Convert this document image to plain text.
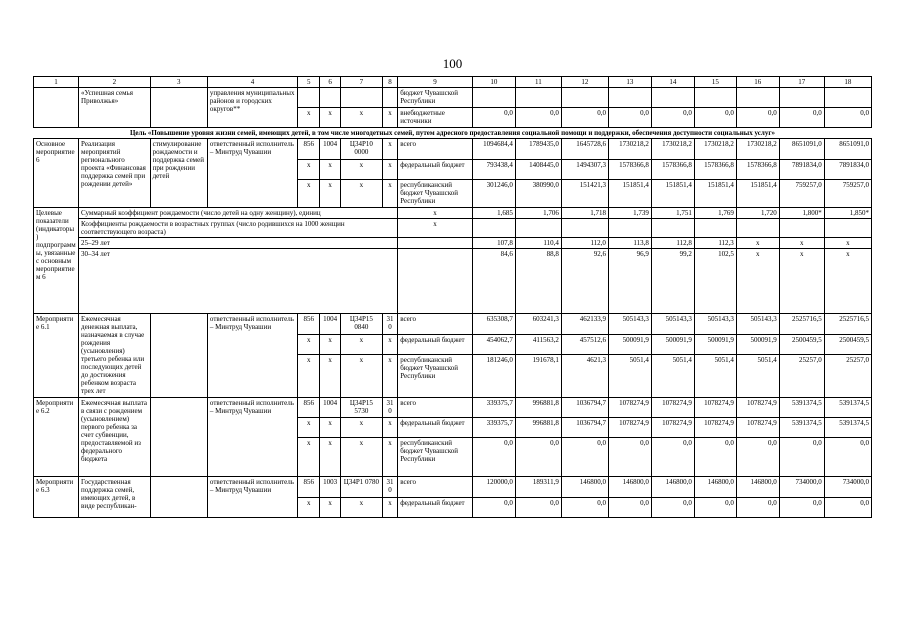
100
1	2	3	4	5	6	7	8	9	10	11	12	13	14	15	16	17	18
	«Успешная семья Приволжья»		управления муниципальных районов и городских округов**					бюджет Чувашской Республики									
				x	x	x	x	внебюджетные источники	0,0	0,0	0,0	0,0	0,0	0,0	0,0	0,0	0,0
Цель «Повышение уровня жизни семей, имеющих детей, в том числе многодетных семей, путем адресного предоставления социальной помощи и поддержки, обеспечения доступности социальных услуг»																	
Основное мероприятие 6	Реализация мероприятий регионального проекта «Финансовая поддержка семей при рождении детей»	стимулирование рождаемости и поддержка семей при рождении детей	ответственный исполнитель – Минтруд Чувашии	856	1004	Ц34Р10 0000	x	всего	1094684,4	1789435,0	1645728,6	1730218,2	1730218,2	1730218,2	1730218,2	8651091,0	8651091,0
				x	x	x	x	федеральный бюджет	793438,4	1408445,0	1494307,3	1578366,8	1578366,8	1578366,8	1578366,8	7891834,0	7891834,0
				x	x	x	x	республиканский бюджет Чувашской Республики	301246,0	380990,0	151421,3	151851,4	151851,4	151851,4	151851,4	759257,0	759257,0
Целевые показатели (индикаторы) подпрограммы, увязанные с основным мероприятием 6	Суммарный коэффициент рождаемости (число детей на одну женщину), единиц							x	1,685	1,706	1,718	1,739	1,751	1,769	1,720	1,800*	1,850*
	Коэффициенты рождаемости в возрастных группах (число родившихся на 1000 женщин соответствующего возраста)							x									
	25–29 лет								107,8	110,4	112,0	113,8	112,8	112,3	x	x	x
	30–34 лет								84,6	88,8	92,6	96,9	99,2	102,5	x	x	x
Мероприятие 6.1	Ежемесячная денежная выплата, назначаемая в случае рождения (усыновления) третьего ребенка или последующих детей до достижения ребенком возраста трех лет		ответственный исполнитель – Минтруд Чувашии	856	1004	Ц34Р15 0840	310	всего	635308,7	603241,3	462133,9	505143,3	505143,3	505143,3	505143,3	2525716,5	2525716,5
				x	x	x	x	федеральный бюджет	454062,7	411563,2	457512,6	500091,9	500091,9	500091,9	500091,9	2500459,5	2500459,5
				x	x	x	x	республиканский бюджет Чувашской Республики	181246,0	191678,1	4621,3	5051,4	5051,4	5051,4	5051,4	25257,0	25257,0
Мероприятие 6.2	Ежемесячная выплата в связи с рождением (усыновлением) первого ребенка за счет субвенции, предоставляемой из федерального бюджета		ответственный исполнитель – Минтруд Чувашии	856	1004	Ц34Р15 5730	310	всего	339375,7	996881,8	1036794,7	1078274,9	1078274,9	1078274,9	1078274,9	5391374,5	5391374,5
				x	x	x	x	федеральный бюджет	339375,7	996881,8	1036794,7	1078274,9	1078274,9	1078274,9	1078274,9	5391374,5	5391374,5
				x	x	x	x	республиканский бюджет Чувашской Республики	0,0	0,0	0,0	0,0	0,0	0,0	0,0	0,0	0,0
Мероприятие 6.3	Государственная поддержка семей, имеющих детей, в виде республикан-		ответственный исполнитель – Минтруд Чувашии	856	1003	Ц34Р1 0780	310	всего	120000,0	189311,9	146800,0	146800,0	146800,0	146800,0	146800,0	734000,0	734000,0
				x	x	x	x	федеральный бюджет	0,0	0,0	0,0	0,0	0,0	0,0	0,0	0,0	0,0
